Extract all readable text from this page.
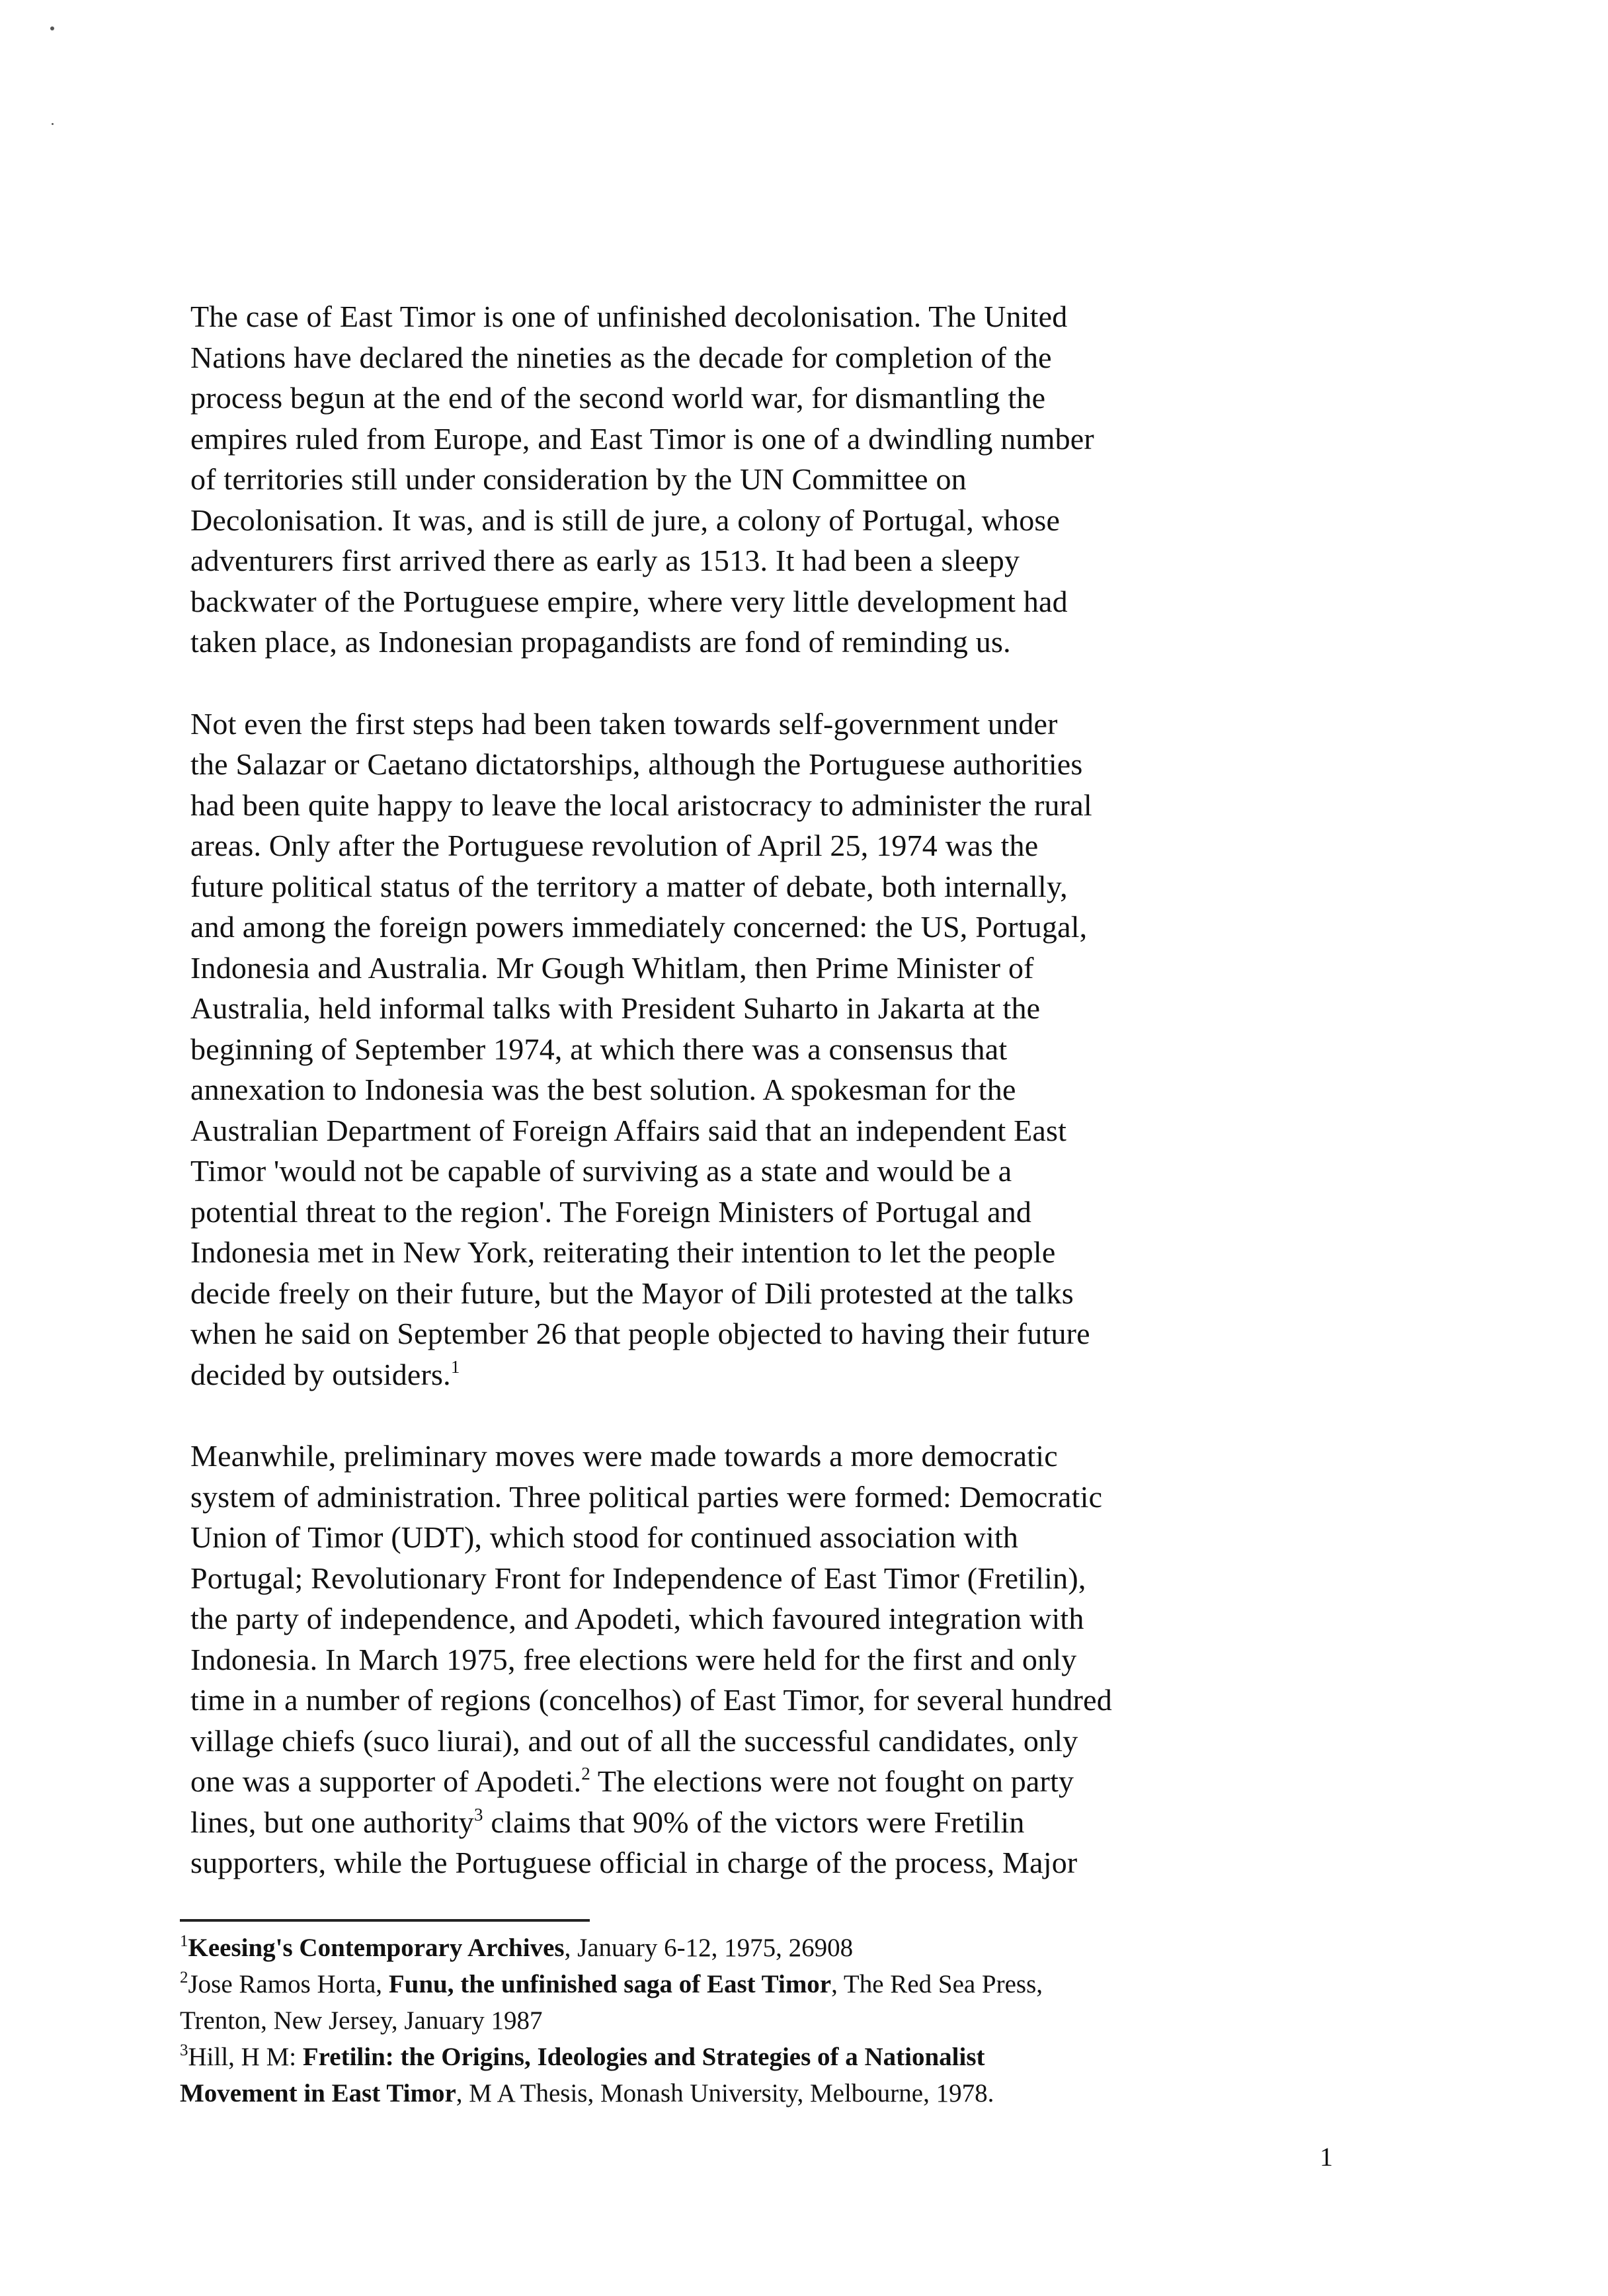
The case of East Timor is one of unfinished decolonisation. The United
Nations have declared the nineties as the decade for completion of the
process begun at the end of the second world war, for dismantling the
empires ruled from Europe, and East Timor is one of a dwindling number
of territories still under consideration by the UN Committee on
Decolonisation. It was, and is still de jure, a colony of Portugal, whose
adventurers first arrived there as early as 1513. It had been a sleepy
backwater of the Portuguese empire, where very little development had
taken place, as Indonesian propagandists are fond of reminding us.
Not even the first steps had been taken towards self-government under
the Salazar or Caetano dictatorships, although the Portuguese authorities
had been quite happy to leave the local aristocracy to administer the rural
areas. Only after the Portuguese revolution of April 25, 1974 was the
future political status of the territory a matter of debate, both internally,
and among the foreign powers immediately concerned: the US, Portugal,
Indonesia and Australia. Mr Gough Whitlam, then Prime Minister of
Australia, held informal talks with President Suharto in Jakarta at the
beginning of September 1974, at which there was a consensus that
annexation to Indonesia was the best solution. A spokesman for the
Australian Department of Foreign Affairs said that an independent East
Timor 'would not be capable of surviving as a state and would be a
potential threat to the region'. The Foreign Ministers of Portugal and
Indonesia met in New York, reiterating their intention to let the people
decide freely on their future, but the Mayor of Dili protested at the talks
when he said on September 26 that people objected to having their future
decided by outsiders.$^1$
Meanwhile, preliminary moves were made towards a more democratic
system of administration. Three political parties were formed: Democratic
Union of Timor (UDT), which stood for continued association with
Portugal; Revolutionary Front for Independence of East Timor (Fretilin),
the party of independence, and Apodeti, which favoured integration with
Indonesia. In March 1975, free elections were held for the first and only
time in a number of regions (concelhos) of East Timor, for several hundred
village chiefs (suco liurai), and out of all the successful candidates, only
one was a supporter of Apodeti.$^2$ The elections were not fought on party
lines, but one authority$^3$ claims that 90% of the victors were Fretilin
supporters, while the Portuguese official in charge of the process, Major
$^1$Keesing's Contemporary Archives, January 6-12, 1975, 26908
$^2$Jose Ramos Horta, Funu, the unfinished saga of East Timor, The Red Sea Press,
Trenton, New Jersey, January 1987
$^3$Hill, H M: Fretilin: the Origins, Ideologies and Strategies of a Nationalist
Movement in East Timor, M A Thesis, Monash University, Melbourne, 1978.
1
